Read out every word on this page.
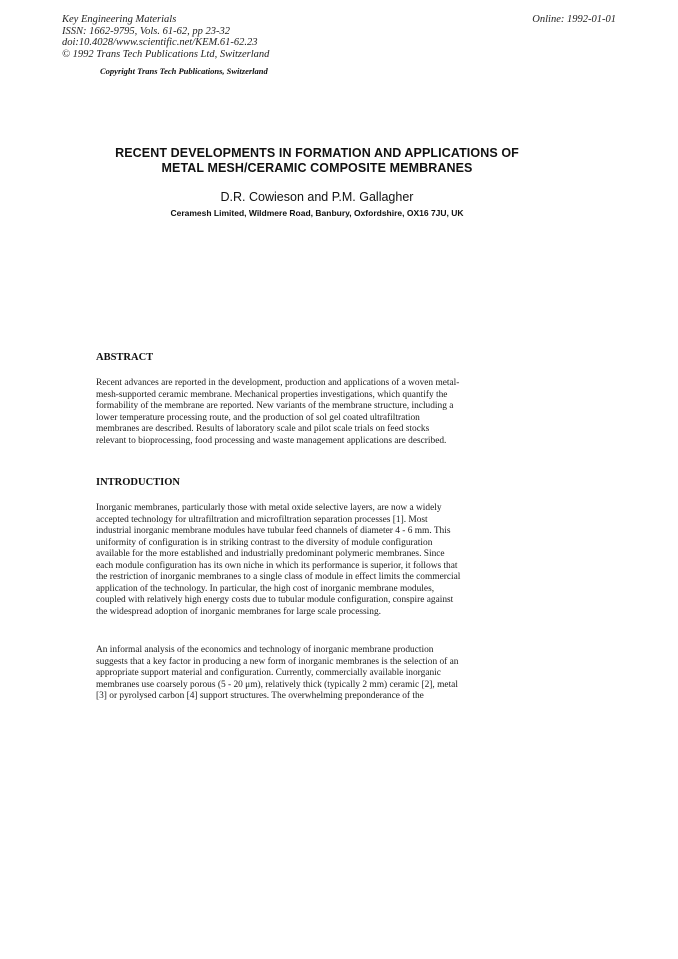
Key Engineering Materials
ISSN: 1662-9795, Vols. 61-62, pp 23-32
doi:10.4028/www.scientific.net/KEM.61-62.23
© 1992 Trans Tech Publications Ltd, Switzerland
Online: 1992-01-01
Copyright Trans Tech Publications, Switzerland
RECENT DEVELOPMENTS IN FORMATION AND APPLICATIONS OF
METAL MESH/CERAMIC COMPOSITE MEMBRANES
D.R. Cowieson and P.M. Gallagher
Ceramesh Limited, Wildmere Road, Banbury, Oxfordshire, OX16 7JU, UK
ABSTRACT
Recent advances are reported in the development, production and applications of a woven metal-
mesh-supported ceramic membrane. Mechanical properties investigations, which quantify the
formability of the membrane are reported. New variants of the membrane structure, including a
lower temperature processing route, and the production of sol gel coated ultrafiltration
membranes are described. Results of laboratory scale and pilot scale trials on feed stocks
relevant to bioprocessing, food processing and waste management applications are described.
INTRODUCTION
Inorganic membranes, particularly those with metal oxide selective layers, are now a widely
accepted technology for ultrafiltration and microfiltration separation processes [1]. Most
industrial inorganic membrane modules have tubular feed channels of diameter 4 - 6 mm. This
uniformity of configuration is in striking contrast to the diversity of module configuration
available for the more established and industrially predominant polymeric membranes. Since
each module configuration has its own niche in which its performance is superior, it follows that
the restriction of inorganic membranes to a single class of module in effect limits the commercial
application of the technology. In particular, the high cost of inorganic membrane modules,
coupled with relatively high energy costs due to tubular module configuration, conspire against
the widespread adoption of inorganic membranes for large scale processing.
An informal analysis of the economics and technology of inorganic membrane production
suggests that a key factor in producing a new form of inorganic membranes is the selection of an
appropriate support material and configuration. Currently, commercially available inorganic
membranes use coarsely porous (5 - 20 μm), relatively thick (typically 2 mm) ceramic [2], metal
[3] or pyrolysed carbon [4] support structures. The overwhelming preponderance of the
